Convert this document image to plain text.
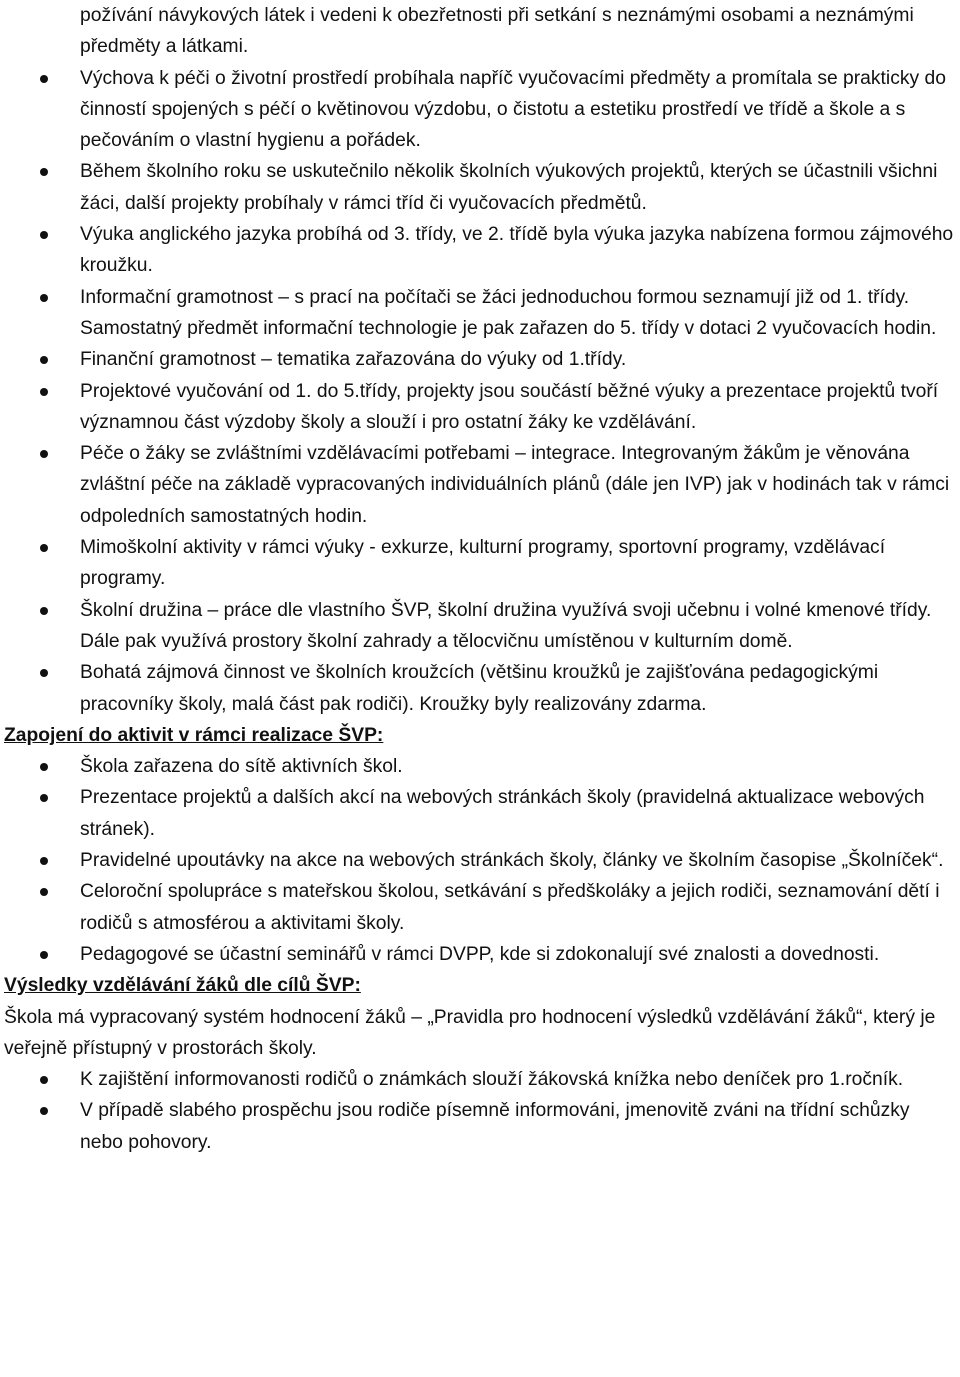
požívání návykových látek i vedeni k obezřetnosti při setkání s neznámými osobami a neznámými předměty a látkami.

Výchova k péči o životní prostředí probíhala napříč vyučovacími předměty a promítala se prakticky do činností spojených s péčí o květinovou výzdobu, o čistotu a estetiku prostředí ve třídě a škole a s pečováním o vlastní hygienu a pořádek.
Během školního roku se uskutečnilo několik školních výukových projektů, kterých se účastnili všichni žáci, další projekty probíhaly v rámci tříd či vyučovacích předmětů.
Výuka anglického jazyka probíhá od 3. třídy, ve 2. třídě byla výuka jazyka nabízena formou zájmového kroužku.
Informační gramotnost – s prací na počítači se žáci jednoduchou formou seznamují již od 1. třídy. Samostatný předmět informační technologie je pak zařazen do 5. třídy v dotaci 2 vyučovacích hodin.
Finanční gramotnost – tematika zařazována do výuky od 1.třídy.
Projektové vyučování od 1. do 5.třídy, projekty jsou součástí běžné výuky a prezentace projektů tvoří významnou část výzdoby školy a slouží i pro ostatní žáky ke vzdělávání.
Péče o žáky se zvláštními vzdělávacími potřebami – integrace. Integrovaným žákům je věnována zvláštní péče na základě vypracovaných individuálních plánů (dále jen IVP) jak v hodinách tak v rámci odpoledních samostatných hodin.
Mimoškolní aktivity v rámci výuky - exkurze, kulturní programy, sportovní programy, vzdělávací programy.
Školní družina – práce dle vlastního ŠVP, školní družina využívá svoji učebnu i volné kmenové třídy. Dále pak využívá prostory školní zahrady a tělocvičnu umístěnou v kulturním domě.
Bohatá zájmová činnost ve školních kroužcích (většinu kroužků je zajišťována pedagogickými pracovníky školy, malá část pak rodiči). Kroužky byly realizovány zdarma.

Zapojení do aktivit v rámci realizace ŠVP:

Škola zařazena do sítě aktivních škol.
Prezentace projektů a dalších akcí na webových stránkách školy (pravidelná aktualizace webových stránek).
Pravidelné upoutávky na akce na webových stránkách školy, články ve školním časopise „Školníček“.
Celoroční spolupráce s mateřskou školou, setkávání s předškoláky a jejich rodiči, seznamování dětí i rodičů s atmosférou a aktivitami školy.
Pedagogové se účastní seminářů v rámci DVPP, kde si zdokonalují své znalosti a dovednosti.

Výsledky vzdělávání žáků dle cílů ŠVP:

Škola má vypracovaný systém hodnocení žáků – „Pravidla pro hodnocení výsledků vzdělávání žáků“, který je veřejně přístupný v prostorách školy.

K zajištění informovanosti rodičů o známkách slouží žákovská knížka nebo deníček pro 1.ročník.
V případě slabého prospěchu jsou rodiče písemně informováni, jmenovitě zváni na třídní schůzky nebo pohovory.
